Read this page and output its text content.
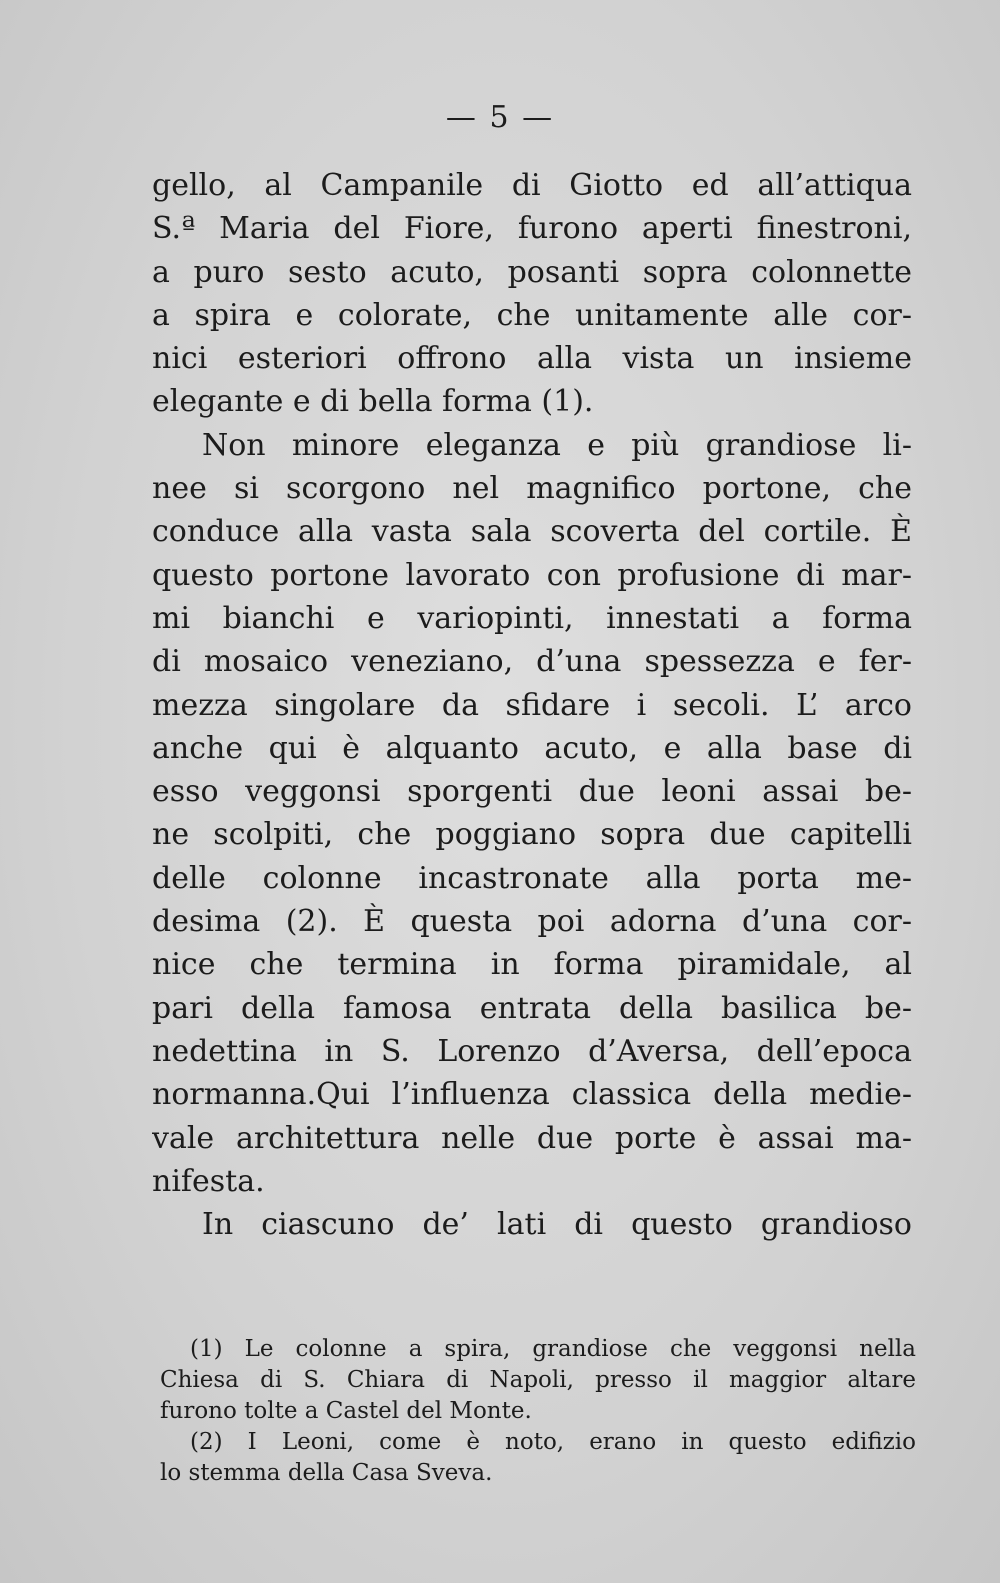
— 5 —
gello, al Campanile di Giotto ed all’attiqua
S.ª Maria del Fiore, furono aperti finestroni,
a puro sesto acuto, posanti sopra colonnette
a spira e colorate, che unitamente alle cor-
nici esteriori offrono alla vista un insieme
elegante e di bella forma (1).
Non minore eleganza e più grandiose li-
nee si scorgono nel magnifico portone, che
conduce alla vasta sala scoverta del cortile. È
questo portone lavorato con profusione di mar-
mi bianchi e variopinti, innestati a forma
di mosaico veneziano, d’una spessezza e fer-
mezza singolare da sfidare i secoli. L’ arco
anche qui è alquanto acuto, e alla base di
esso veggonsi sporgenti due leoni assai be-
ne scolpiti, che poggiano sopra due capitelli
delle colonne incastronate alla porta me-
desima (2). È questa poi adorna d’una cor-
nice che termina in forma piramidale, al
pari della famosa entrata della basilica be-
nedettina in S. Lorenzo d’Aversa, dell’epoca
normanna.Qui l’influenza classica della medie-
vale architettura nelle due porte è assai ma-
nifesta.
In ciascuno de’ lati di questo grandioso
(1) Le colonne a spira, grandiose che veggonsi nella
Chiesa di S. Chiara di Napoli, presso il maggior altare
furono tolte a Castel del Monte.
(2) I Leoni, come è noto, erano in questo edifizio
lo stemma della Casa Sveva.
